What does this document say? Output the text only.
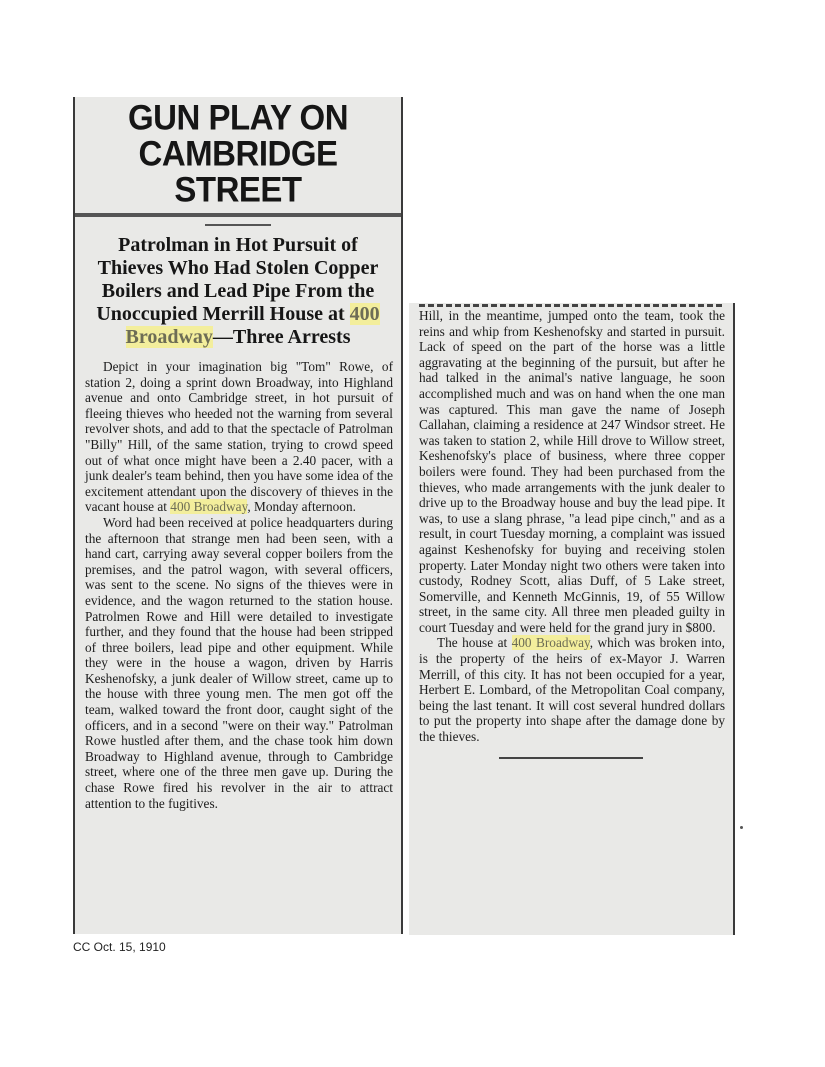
GUN PLAY ON
CAMBRIDGE STREET
Patrolman in Hot Pursuit of Thieves Who Had Stolen Copper Boilers and Lead Pipe From the Unoccupied Merrill House at 400 Broadway—Three Arrests

Depict in your imagination big "Tom" Rowe, of station 2, doing a sprint down Broadway, into Highland avenue and onto Cambridge street, in hot pursuit of fleeing thieves who heeded not the warning from several revolver shots, and add to that the spectacle of Patrolman "Billy" Hill, of the same station, trying to crowd speed out of what once might have been a 2.40 pacer, with a junk dealer's team behind, then you have some idea of the excitement attendant upon the discovery of thieves in the vacant house at 400 Broadway, Monday afternoon.

Word had been received at police headquarters during the afternoon that strange men had been seen, with a hand cart, carrying away several copper boilers from the premises, and the patrol wagon, with several officers, was sent to the scene. No signs of the thieves were in evidence, and the wagon returned to the station house. Patrolmen Rowe and Hill were detailed to investigate further, and they found that the house had been stripped of three boilers, lead pipe and other equipment. While they were in the house a wagon, driven by Harris Keshenofsky, a junk dealer of Willow street, came up to the house with three young men. The men got off the team, walked toward the front door, caught sight of the officers, and in a second "were on their way." Patrolman Rowe hustled after them, and the chase took him down Broadway to Highland avenue, through to Cambridge street, where one of the three men gave up. During the chase Rowe fired his revolver in the air to attract attention to the fugitives.

Hill, in the meantime, jumped onto the team, took the reins and whip from Keshenofsky and started in pursuit. Lack of speed on the part of the horse was a little aggravating at the beginning of the pursuit, but after he had talked in the animal's native language, he soon accomplished much and was on hand when the one man was captured. This man gave the name of Joseph Callahan, claiming a residence at 247 Windsor street. He was taken to station 2, while Hill drove to Willow street, Keshenofsky's place of business, where three copper boilers were found. They had been purchased from the thieves, who made arrangements with the junk dealer to drive up to the Broadway house and buy the lead pipe. It was, to use a slang phrase, "a lead pipe cinch," and as a result, in court Tuesday morning, a complaint was issued against Keshenofsky for buying and receiving stolen property. Later Monday night two others were taken into custody, Rodney Scott, alias Duff, of 5 Lake street, Somerville, and Kenneth McGinnis, 19, of 55 Willow street, in the same city. All three men pleaded guilty in court Tuesday and were held for the grand jury in $800.

The house at 400 Broadway, which was broken into, is the property of the heirs of ex-Mayor J. Warren Merrill, of this city. It has not been occupied for a year, Herbert E. Lombard, of the Metropolitan Coal company, being the last tenant. It will cost several hundred dollars to put the property into shape after the damage done by the thieves.

CC Oct. 15, 1910
